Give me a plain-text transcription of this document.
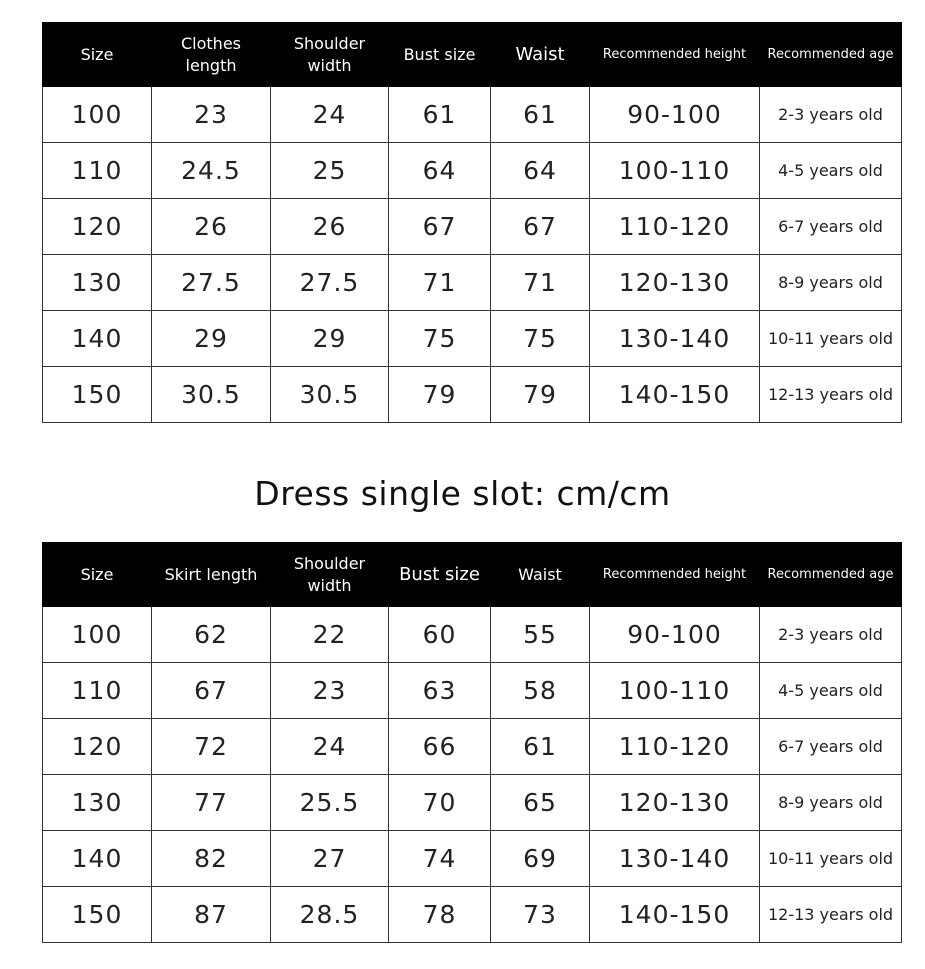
Size	Clothes length	Shoulder width	Bust size	Waist	Recommended height	Recommended age
100	23	24	61	61	90-100	2-3 years old
110	24.5	25	64	64	100-110	4-5 years old
120	26	26	67	67	110-120	6-7 years old
130	27.5	27.5	71	71	120-130	8-9 years old
140	29	29	75	75	130-140	10-11 years old
150	30.5	30.5	79	79	140-150	12-13 years old
Dress single slot: cm/cm
Size	Skirt length	Shoulder width	Bust size	Waist	Recommended height	Recommended age
100	62	22	60	55	90-100	2-3 years old
110	67	23	63	58	100-110	4-5 years old
120	72	24	66	61	110-120	6-7 years old
130	77	25.5	70	65	120-130	8-9 years old
140	82	27	74	69	130-140	10-11 years old
150	87	28.5	78	73	140-150	12-13 years old
